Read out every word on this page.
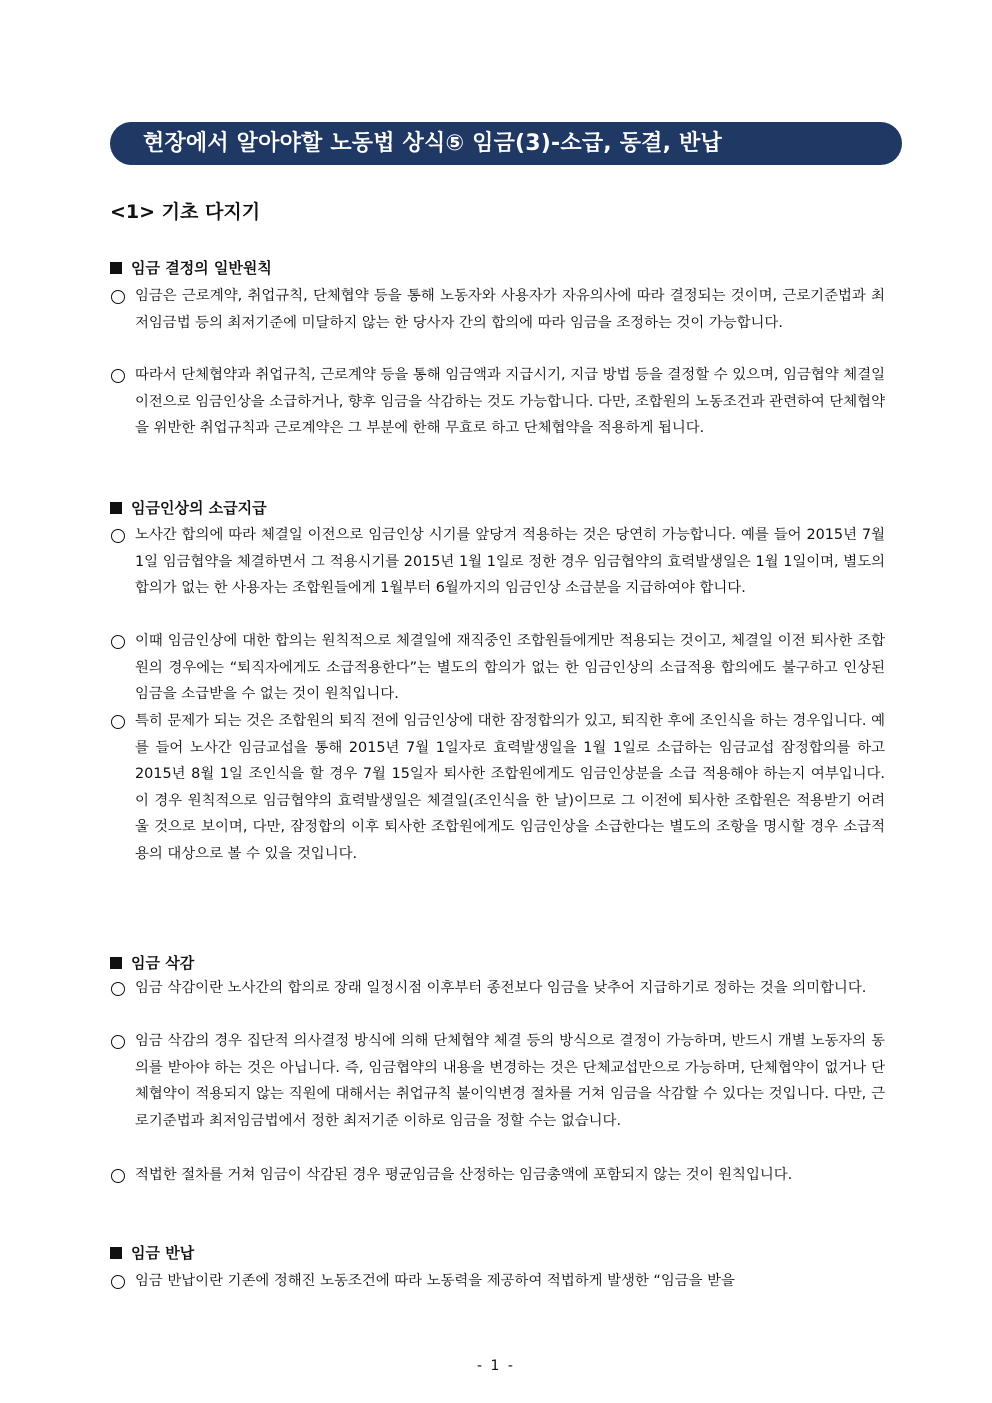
현장에서 알아야할 노동법 상식⑤ 임금(3)-소급, 동결, 반납
<1> 기초 다지기
임금 결정의 일반원칙
임금은 근로계약, 취업규칙, 단체협약 등을 통해 노동자와 사용자가 자유의사에 따라 결정되는 것이며, 근로기준법과 최저임금법 등의 최저기준에 미달하지 않는 한 당사자 간의 합의에 따라 임금을 조정하는 것이 가능합니다.
따라서 단체협약과 취업규칙, 근로계약 등을 통해 임금액과 지급시기, 지급 방법 등을 결정할 수 있으며, 임금협약 체결일 이전으로 임금인상을 소급하거나, 향후 임금을 삭감하는 것도 가능합니다. 다만, 조합원의 노동조건과 관련하여 단체협약을 위반한 취업규칙과 근로계약은 그 부분에 한해 무효로 하고 단체협약을 적용하게 됩니다.
임금인상의 소급지급
노사간 합의에 따라 체결일 이전으로 임금인상 시기를 앞당겨 적용하는 것은 당연히 가능합니다. 예를 들어 2015년 7월 1일 임금협약을 체결하면서 그 적용시기를 2015년 1월 1일로 정한 경우 임금협약의 효력발생일은 1월 1일이며, 별도의 합의가 없는 한 사용자는 조합원들에게 1월부터 6월까지의 임금인상 소급분을 지급하여야 합니다.
이때 임금인상에 대한 합의는 원칙적으로 체결일에 재직중인 조합원들에게만 적용되는 것이고, 체결일 이전 퇴사한 조합원의 경우에는 “퇴직자에게도 소급적용한다”는 별도의 합의가 없는 한 임금인상의 소급적용 합의에도 불구하고 인상된 임금을 소급받을 수 없는 것이 원칙입니다.
특히 문제가 되는 것은 조합원의 퇴직 전에 임금인상에 대한 잠정합의가 있고, 퇴직한 후에 조인식을 하는 경우입니다. 예를 들어 노사간 임금교섭을 통해 2015년 7월 1일자로 효력발생일을 1월 1일로 소급하는 임금교섭 잠정합의를 하고 2015년 8월 1일 조인식을 할 경우 7월 15일자 퇴사한 조합원에게도 임금인상분을 소급 적용해야 하는지 여부입니다. 이 경우 원칙적으로 임금협약의 효력발생일은 체결일(조인식을 한 날)이므로 그 이전에 퇴사한 조합원은 적용받기 어려울 것으로 보이며, 다만, 잠정합의 이후 퇴사한 조합원에게도 임금인상을 소급한다는 별도의 조항을 명시할 경우 소급적용의 대상으로 볼 수 있을 것입니다.
임금 삭감
임금 삭감이란 노사간의 합의로 장래 일정시점 이후부터 종전보다 임금을 낮추어 지급하기로 정하는 것을 의미합니다.
임금 삭감의 경우 집단적 의사결정 방식에 의해 단체협약 체결 등의 방식으로 결정이 가능하며, 반드시 개별 노동자의 동의를 받아야 하는 것은 아닙니다. 즉, 임금협약의 내용을 변경하는 것은 단체교섭만으로 가능하며, 단체협약이 없거나 단체협약이 적용되지 않는 직원에 대해서는 취업규칙 불이익변경 절차를 거쳐 임금을 삭감할 수 있다는 것입니다. 다만, 근로기준법과 최저임금법에서 정한 최저기준 이하로 임금을 정할 수는 없습니다.
적법한 절차를 거쳐 임금이 삭감된 경우 평균임금을 산정하는 임금총액에 포함되지 않는 것이 원칙입니다.
임금 반납
임금 반납이란 기존에 정해진 노동조건에 따라 노동력을 제공하여 적법하게 발생한 “임금을 받을
- 1 -
